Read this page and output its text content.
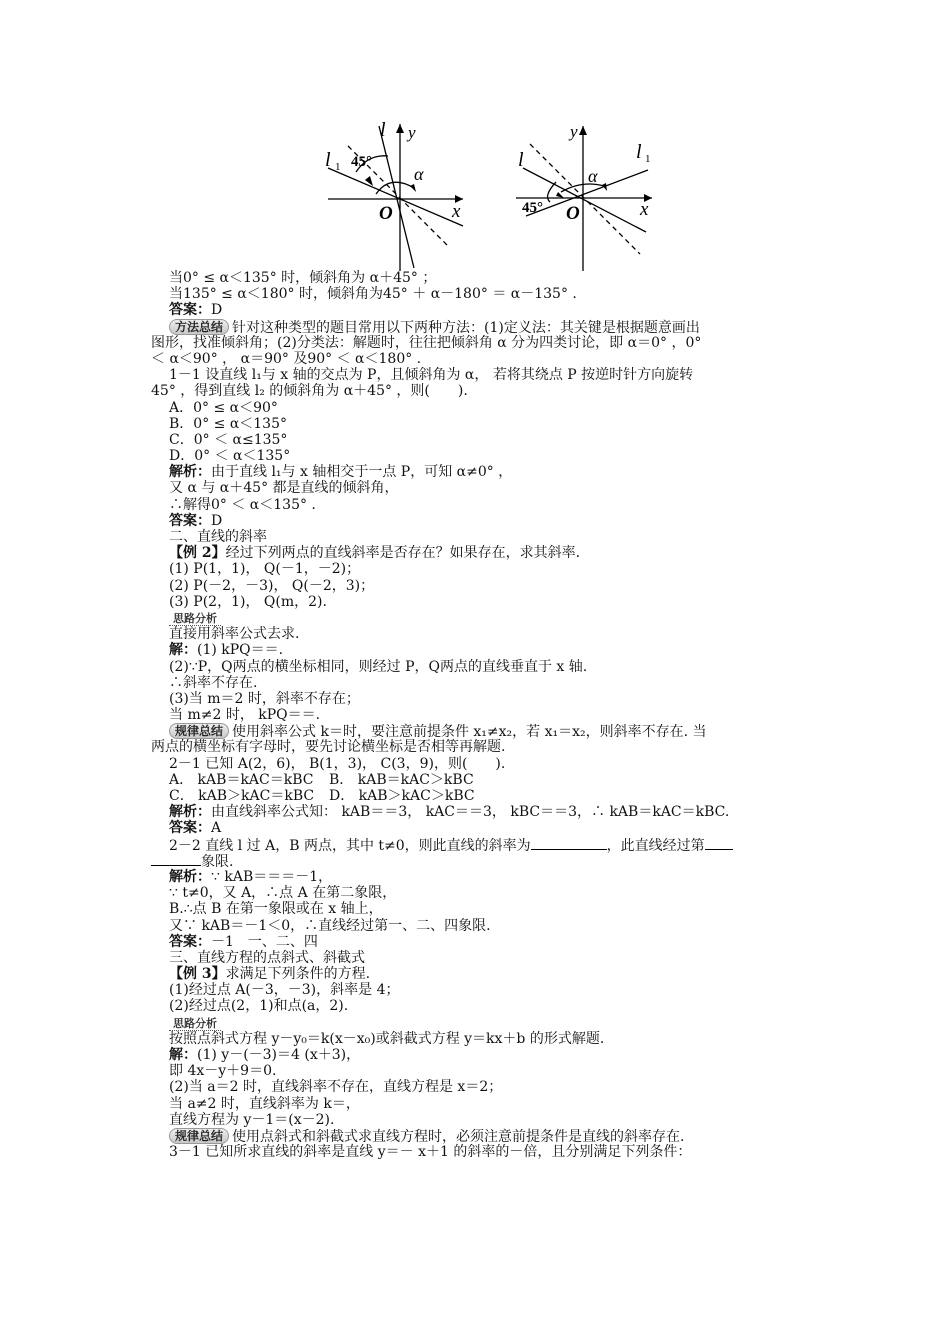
l y
l 1 45°
α
O	x
y
l	l 1
α
45° O	x
当0° ≤ α＜135° 时，倾斜角为 α＋45° ；
当135° ≤ α＜180° 时，倾斜角为45° ＋ α－180° ＝ α－135° .
答案：D
方法总结 针对这种类型的题目常用以下两种方法：(1)定义法：其关键是根据题意画出
图形，找准倾斜角；(2)分类法：解题时，往往把倾斜角 α 分为四类讨论，即 α＝0° ，0°
＜ α＜90° ， α＝90° 及90° ＜ α＜180° .
1－1 设直线 l₁与 x 轴的交点为 P，且倾斜角为 α， 若将其绕点 P 按逆时针方向旋转
45° ，得到直线 l₂ 的倾斜角为 α＋45° ，则(　　).
A．0° ≤ α＜90°
B．0° ≤ α＜135°
C．0° ＜ α≤135°
D．0° ＜ α＜135°
解析：由于直线 l₁与 x 轴相交于一点 P，可知 α≠0° ，
又 α 与 α＋45° 都是直线的倾斜角，
∴解得0° ＜ α＜135° .
答案：D
二、直线的斜率
【例 2】经过下列两点的直线斜率是否存在？如果存在，求其斜率.
(1) P(1，1)， Q(－1，－2)；
(2) P(－2，－3)， Q(－2，3)；
(3) P(2，1)， Q(m，2).
思路分析
直接用斜率公式去求.
解：(1) kPQ＝＝.
(2)∵P，Q两点的横坐标相同，则经过 P，Q两点的直线垂直于 x 轴.
∴斜率不存在.
(3)当 m＝2 时，斜率不存在；
当 m≠2 时， kPQ＝＝.
规律总结 使用斜率公式 k＝时，要注意前提条件 x₁≠x₂，若 x₁＝x₂，则斜率不存在. 当
两点的横坐标有字母时，要先讨论横坐标是否相等再解题.
2－1 已知 A(2，6)， B(1，3)， C(3，9)，则(　　).
A． kAB＝kAC＝kBC B． kAB＝kAC＞kBC
C． kAB＞kAC＝kBC D． kAB＞kAC＞kBC
解析：由直线斜率公式知： kAB＝＝3， kAC＝＝3， kBC＝＝3，∴ kAB＝kAC＝kBC.
答案：A
2－2 直线 l 过 A，B 两点，其中 t≠0，则此直线的斜率为	，此直线经过第
象限.
解析：∵ kAB＝＝＝－1，
∵ t≠0，又 A，∴点 A 在第二象限，
B.∴点 B 在第一象限或在 x 轴上，
又∵ kAB＝－1＜0，∴直线经过第一、二、四象限.
答案：－1　一、二、四
三、直线方程的点斜式、斜截式
【例 3】求满足下列条件的方程.
(1)经过点 A(－3，－3)，斜率是 4；
(2)经过点(2，1)和点(a，2).
思路分析
按照点斜式方程 y－y₀＝k(x－x₀)或斜截式方程 y＝kx＋b 的形式解题.
解：(1) y－(－3)＝4 (x＋3)，
即 4x－y＋9＝0.
(2)当 a＝2 时，直线斜率不存在，直线方程是 x＝2；
当 a≠2 时，直线斜率为 k＝，
直线方程为 y－1＝(x－2).
规律总结 使用点斜式和斜截式求直线方程时，必须注意前提条件是直线的斜率存在.
3－1 已知所求直线的斜率是直线 y＝－ x＋1 的斜率的－倍，且分别满足下列条件：
